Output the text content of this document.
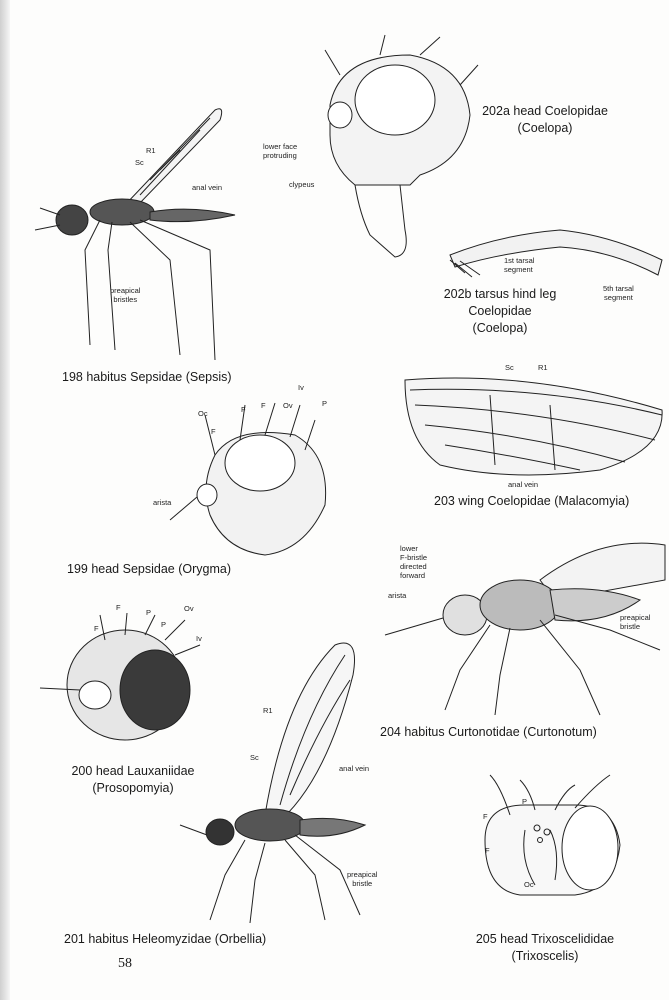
R1
Sc
anal vein
preapical
bristles
198 habitus Sepsidae (Sepsis)
Oc	F F Ov
Iv
P
F
arista
199 head Sepsidae (Orygma)
F
F
P
P
Ov
Iv
200 head Lauxaniidae
(Prosopomyia)
R1
Sc
anal vein
preapical
bristle
201 habitus Heleomyzidae (Orbellia)
lower face
protruding
clypeus
202a head Coelopidae
(Coelopa)
1st tarsal
segment
5th tarsal
segment
202b tarsus hind leg
Coelopidae
(Coelopa)
Sc	R1
anal vein
203 wing Coelopidae (Malacomyia)
lower
F-bristle
directed
forward
arista
preapical
bristle
204 habitus Curtonotidae (Curtonotum)
F
P
F
Oc
205 head Trixoscelididae
(Trixoscelis)
58
